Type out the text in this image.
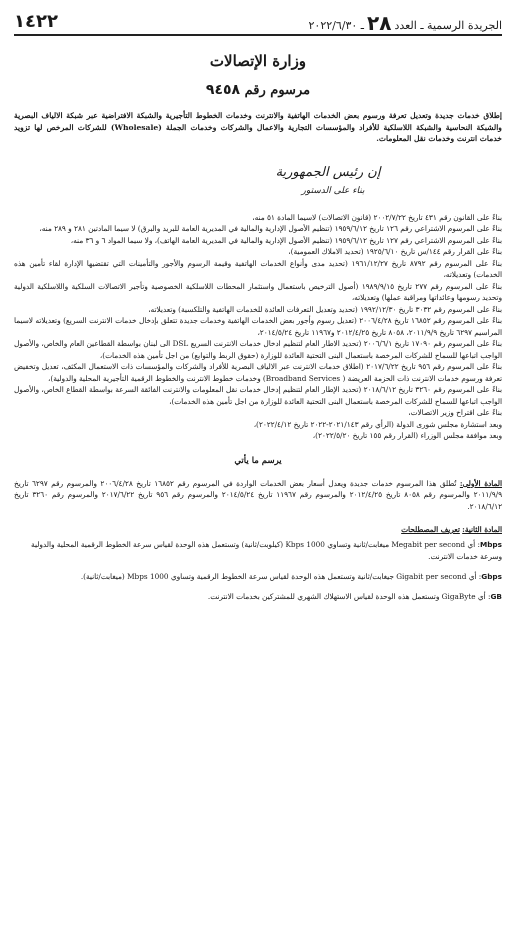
الجريدة الرسمية ـ العدد
٢٨
ـ ٢٠٢٢/٦/٣٠
١٤٢٢
وزارة الإتصالات
مرسوم رقم ٩٤٥٨
إطلاق خدمات جديدة وتعديل تعرفة ورسوم بعض الخدمات الهاتفية والانترنت وخدمات الخطوط التأجيرية والشبكة الافتراضية عبر شبكة الالياف البصرية والشبكة النحاسية والشبكة اللاسلكية للأفراد والمؤسسات التجارية والاعمال والشركات وخدمات الجملة (Wholesale) للشركات المرخص لها تزويد خدمات انترنت وخدمات نقل المعلومات.
إن رئيس الجمهورية
بناء على الدستور

بناءً على القانون رقم ٤٣١ تاريخ ٢٠٠٢/٧/٢٢ (قانون الاتصالات) لاسيما المادة ٥١ منه،

بناءً على المرسوم الاشتراعي رقم ١٢٦ تاريخ ١٩٥٩/٦/١٢ (تنظيم الأصول الإدارية والمالية في المديرية العامة للبريد والبرق) لا سيما المادتين ٢٨١ و ٢٨٩ منه،

بناءً على المرسوم الاشتراعي رقم ١٢٧ تاريخ ١٩٥٩/٦/١٢ (تنظيم الأصول الإدارية والمالية في المديرية العامة الهاتف)، ولا سيما المواد ٦ و ٣٦ منه،

بناءً على القرار رقم ١٤٤/س تاريخ ١٩٢٥/٦/١٠ (تحديد الاملاك العمومية)،

بناءً على المرسوم رقم ٨٧٩٢ تاريخ ١٩٦١/١٢/٢٧ (تحديد مدى وأنواع الخدمات الهاتفية وقيمة الرسوم والأجور والتأمينات التي تقتضيها الإدارة لقاء تأمين هذه الخدمات) وتعديلاته،

بناءً على المرسوم رقم ٢٧٧ تاريخ ١٩٨٩/٩/١٥ (أصول الترخيص باستعمال واستثمار المحطات اللاسلكية الخصوصية وتأجير الاتصالات السلكية واللاسلكية الدولية وتحديد رسومها وعائداتها ومراقبة عملها) وتعديلاته،

بناءً على المرسوم رقم ٣٠٣٢ تاريخ ١٩٩٢/١٢/٣٠ (تحديد وتعديل التعرفات العائدة للخدمات الهاتفية والتلكسية) وتعديلاته،

بناءً على المرسوم رقم ١٦٨٥٢ تاريخ ٢٠٠٦/٤/٢٨ (تعديل رسوم وأجور بعض الخدمات الهاتفية وخدمات جديدة تتعلق بإدخال خدمات الانترنت السريع) وتعديلاته لاسيما المراسيم ٦٢٩٧ تاريخ ٢٠١١/٩/٩، ٨٠٥٨ تاريخ ٢٠١٢/٤/٢٥ و١١٩٦٧ تاريخ ٢٠١٤/٥/٢٤،

بناءً على المرسوم رقم ١٧٠٩٠ تاريخ ٢٠٠٦/٦/١ (تحديد الاطار العام لتنظيم ادخال خدمات الانترنت السريع DSL الى لبنان بواسطة القطاعين العام والخاص، والأصول الواجب اتباعها للسماح للشركات المرخصة باستعمال البنى التحتية العائدة للوزارة (حقوق الربط والتوابع) من اجل تأمين هذه الخدمات)،

بناءً على المرسوم رقم ٩٥٦ تاريخ ٢٠١٧/٦/٢٢ (اطلاق خدمات الانترنت عبر الالياف البصرية للأفراد والشركات والمؤسسات ذات الاستعمال المكثف، تعديل وتخفيض تعرفة ورسوم خدمات الانترنت ذات الحزمة العريضة ( Broadband Services) وخدمات خطوط الانترنت والخطوط الرقمية التأجيرية المحلية والدولية)،

بناءً على المرسوم رقم ٣٢٦٠ تاريخ ٢٠١٨/٦/١٢ (تحديد الإطار العام لتنظيم إدخال خدمات نقل المعلومات والانترنت الفائقة السرعة بواسطة القطاع الخاص، والأصول الواجب اتباعها للسماح للشركات المرخصة باستعمال البنى التحتية العائدة للوزارة من اجل تأمين هذه الخدمات)،

بناءً على اقتراح وزير الاتصالات،

وبعد استشارة مجلس شورى الدولة (الرأي رقم ٢٠٢١/١٤٣-٢٠٢٢ تاريخ ٢٠٢٢/٤/١٢)،

وبعد موافقة مجلس الوزراء (القرار رقم ١٥٥ تاريخ ٢٠٢٢/٥/٢٠)،

يرسم ما يأتي
المادة الأولى: تُطلق هذا المرسوم خدمات جديدة ويعدل أسعار بعض الخدمات الواردة في المرسوم رقم ١٦٨٥٢ تاريخ ٢٠٠٦/٤/٢٨ والمرسوم رقم ٦٢٩٧ تاريخ ٢٠١١/٩/٩ والمرسوم رقم ٨٠٥٨ تاريخ ٢٠١٢/٤/٢٥ والمرسوم رقم ١١٩٦٧ تاريخ ٢٠١٤/٥/٢٤ والمرسوم رقم ٩٥٦ تاريخ ٢٠١٧/٦/٢٢ والمرسوم رقم ٣٢٦٠ تاريخ ٢٠١٨/٦/١٢.
المادة الثانية: تعريف المصطلحات

Mbps: أي Megabit per second ميغابت/ثانية وتساوي 1000 Kbps (كيلوبت/ثانية) وتستعمل هذه الوحدة لقياس سرعة الخطوط الرقمية المحلية والدولية وسرعة خدمات الانترنت.

Gbps: أي Gigabit per second جيغابت/ثانية وتستعمل هذه الوحدة لقياس سرعة الخطوط الرقمية وتساوي 1000 Mbps (ميغابت/ثانية).

GB: أي GigaByte وتستعمل هذه الوحدة لقياس الاستهلاك الشهري للمشتركين بخدمات الانترنت.
